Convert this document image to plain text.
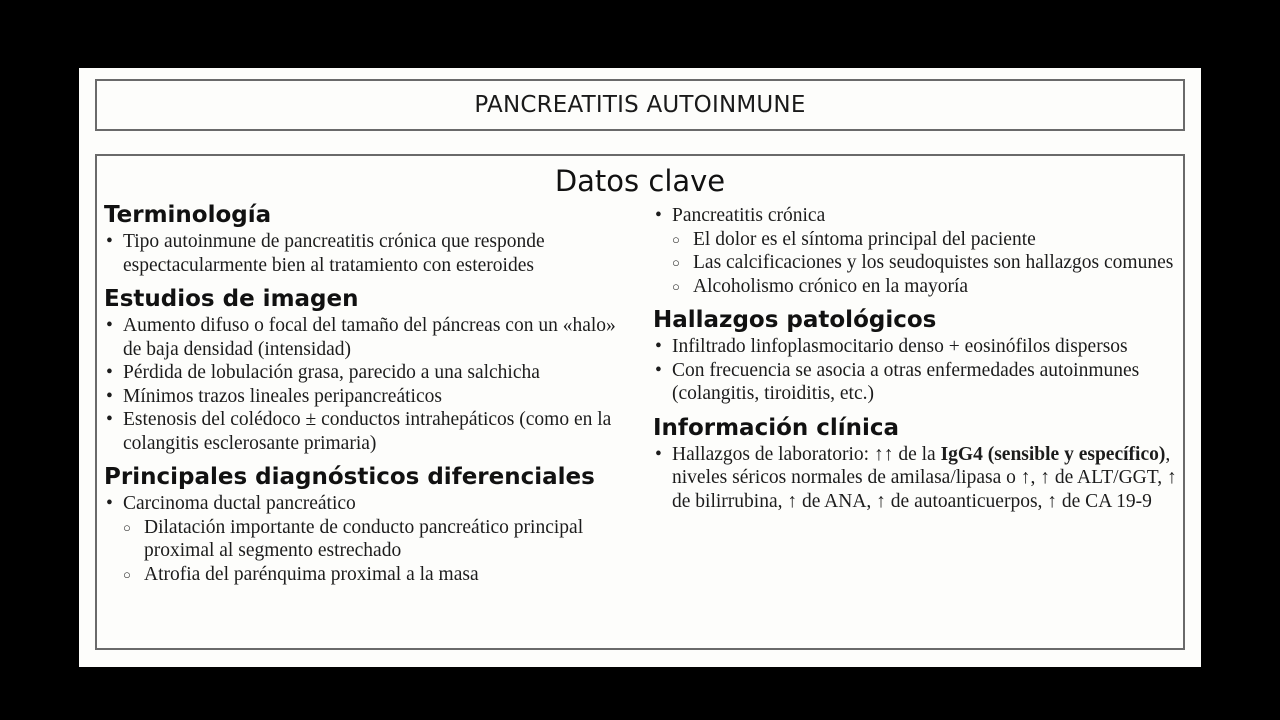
PANCREATITIS AUTOINMUNE
Datos clave
Terminología
• Tipo autoinmune de pancreatitis crónica que responde espectacularmente bien al tratamiento con esteroides
Estudios de imagen
• Aumento difuso o focal del tamaño del páncreas con un «halo» de baja densidad (intensidad)
• Pérdida de lobulación grasa, parecido a una salchicha
• Mínimos trazos lineales peripancreáticos
• Estenosis del colédoco ± conductos intrahepáticos (como en la colangitis esclerosante primaria)
Principales diagnósticos diferenciales
• Carcinoma ductal pancreático
○ Dilatación importante de conducto pancreático principal proximal al segmento estrechado
○ Atrofia del parénquima proximal a la masa
• Pancreatitis crónica
○ El dolor es el síntoma principal del paciente
○ Las calcificaciones y los seudoquistes son hallazgos comunes
○ Alcoholismo crónico en la mayoría
Hallazgos patológicos
• Infiltrado linfoplasmocitario denso + eosinófilos dispersos
• Con frecuencia se asocia a otras enfermedades autoinmunes (colangitis, tiroiditis, etc.)
Información clínica
• Hallazgos de laboratorio: ↑↑ de la IgG4 (sensible y específico), niveles séricos normales de amilasa/lipasa o ↑, ↑ de ALT/GGT, ↑ de bilirrubina, ↑ de ANA, ↑ de autoanticuerpos, ↑ de CA 19-9
